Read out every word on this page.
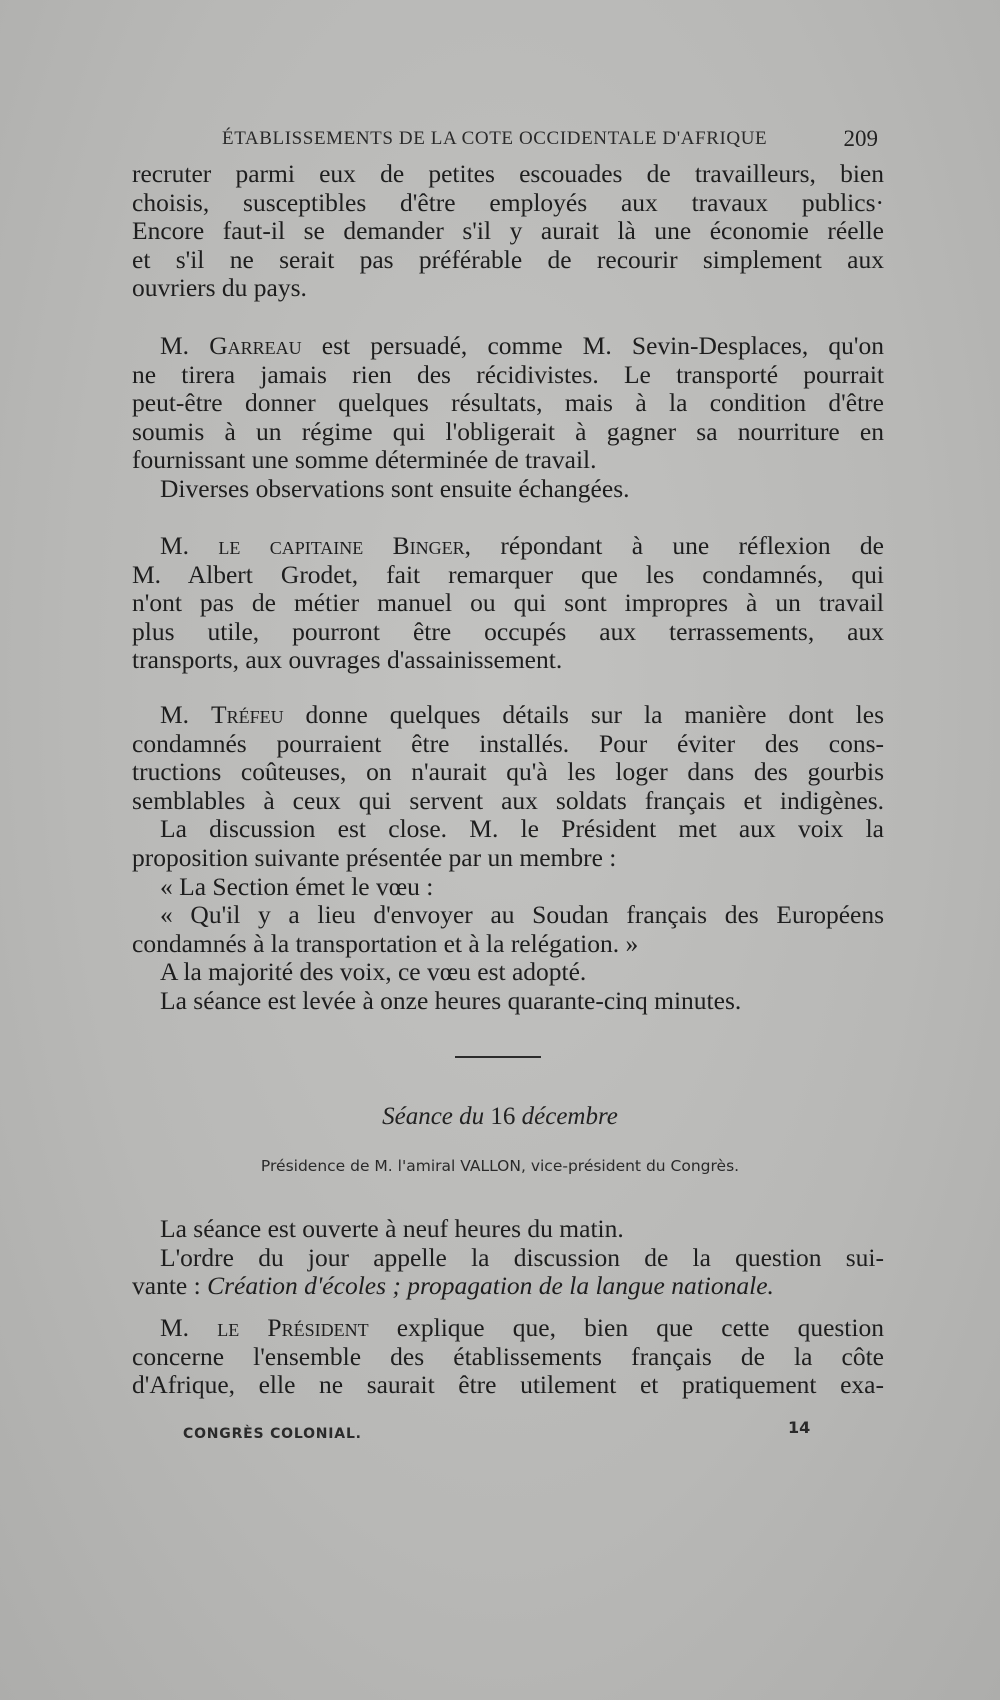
ÉTABLISSEMENTS DE LA COTE OCCIDENTALE D'AFRIQUE	209

recruter parmi eux de petites escouades de travailleurs, bien

choisis, susceptibles d'être employés aux travaux publics·

Encore faut-il se demander s'il y aurait là une économie réelle

et s'il ne serait pas préférable de recourir simplement aux

ouvriers du pays.

M. Garreau est persuadé, comme M. Sevin-Desplaces, qu'on

ne tirera jamais rien des récidivistes. Le transporté pourrait

peut-être donner quelques résultats, mais à la condition d'être

soumis à un régime qui l'obligerait à gagner sa nourriture en

fournissant une somme déterminée de travail.

Diverses observations sont ensuite échangées.

M. le capitaine Binger, répondant à une réflexion de

M. Albert Grodet, fait remarquer que les condamnés, qui

n'ont pas de métier manuel ou qui sont impropres à un travail

plus utile, pourront être occupés aux terrassements, aux

transports, aux ouvrages d'assainissement.

M. Tréfeu donne quelques détails sur la manière dont les

condamnés pourraient être installés. Pour éviter des cons-

tructions coûteuses, on n'aurait qu'à les loger dans des gourbis

semblables à ceux qui servent aux soldats français et indigènes.

La discussion est close. M. le Président met aux voix la

proposition suivante présentée par un membre :

« La Section émet le vœu :

« Qu'il y a lieu d'envoyer au Soudan français des Européens

condamnés à la transportation et à la relégation. »

A la majorité des voix, ce vœu est adopté.

La séance est levée à onze heures quarante-cinq minutes.

Séance du 16 décembre
Présidence de M. l'amiral VALLON, vice-président du Congrès.

La séance est ouverte à neuf heures du matin.

L'ordre du jour appelle la discussion de la question sui-

vante : Création d'écoles ; propagation de la langue nationale.

M. le Président explique que, bien que cette question

concerne l'ensemble des établissements français de la côte

d'Afrique, elle ne saurait être utilement et pratiquement exa-

CONGRÈS COLONIAL.	14
